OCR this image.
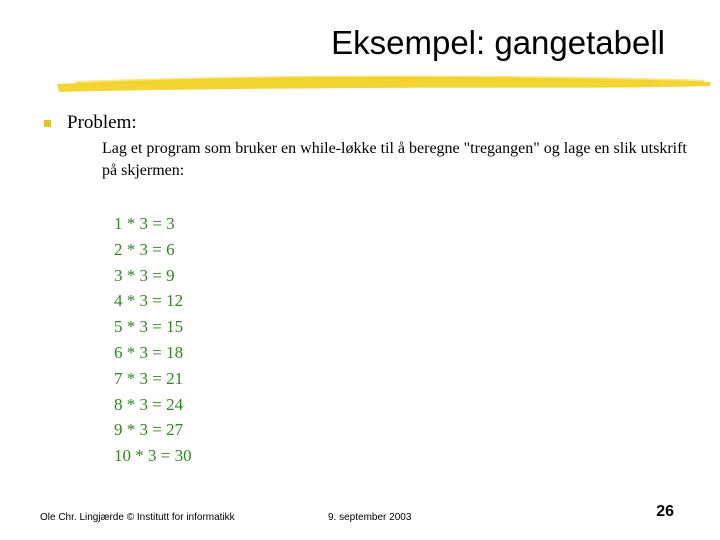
Eksempel: gangetabell
Problem:
Lag et program som bruker en while-løkke til å beregne "tregangen" og lage en slik utskrift på skjermen:
1 * 3 = 3
2 * 3 = 6
3 * 3 = 9
4 * 3 = 12
5 * 3 = 15
6 * 3 = 18
7 * 3 = 21
8 * 3 = 24
9 * 3 = 27
10 * 3 = 30
Ole Chr. Lingjærde © Institutt for informatikk	9. september 2003	26
